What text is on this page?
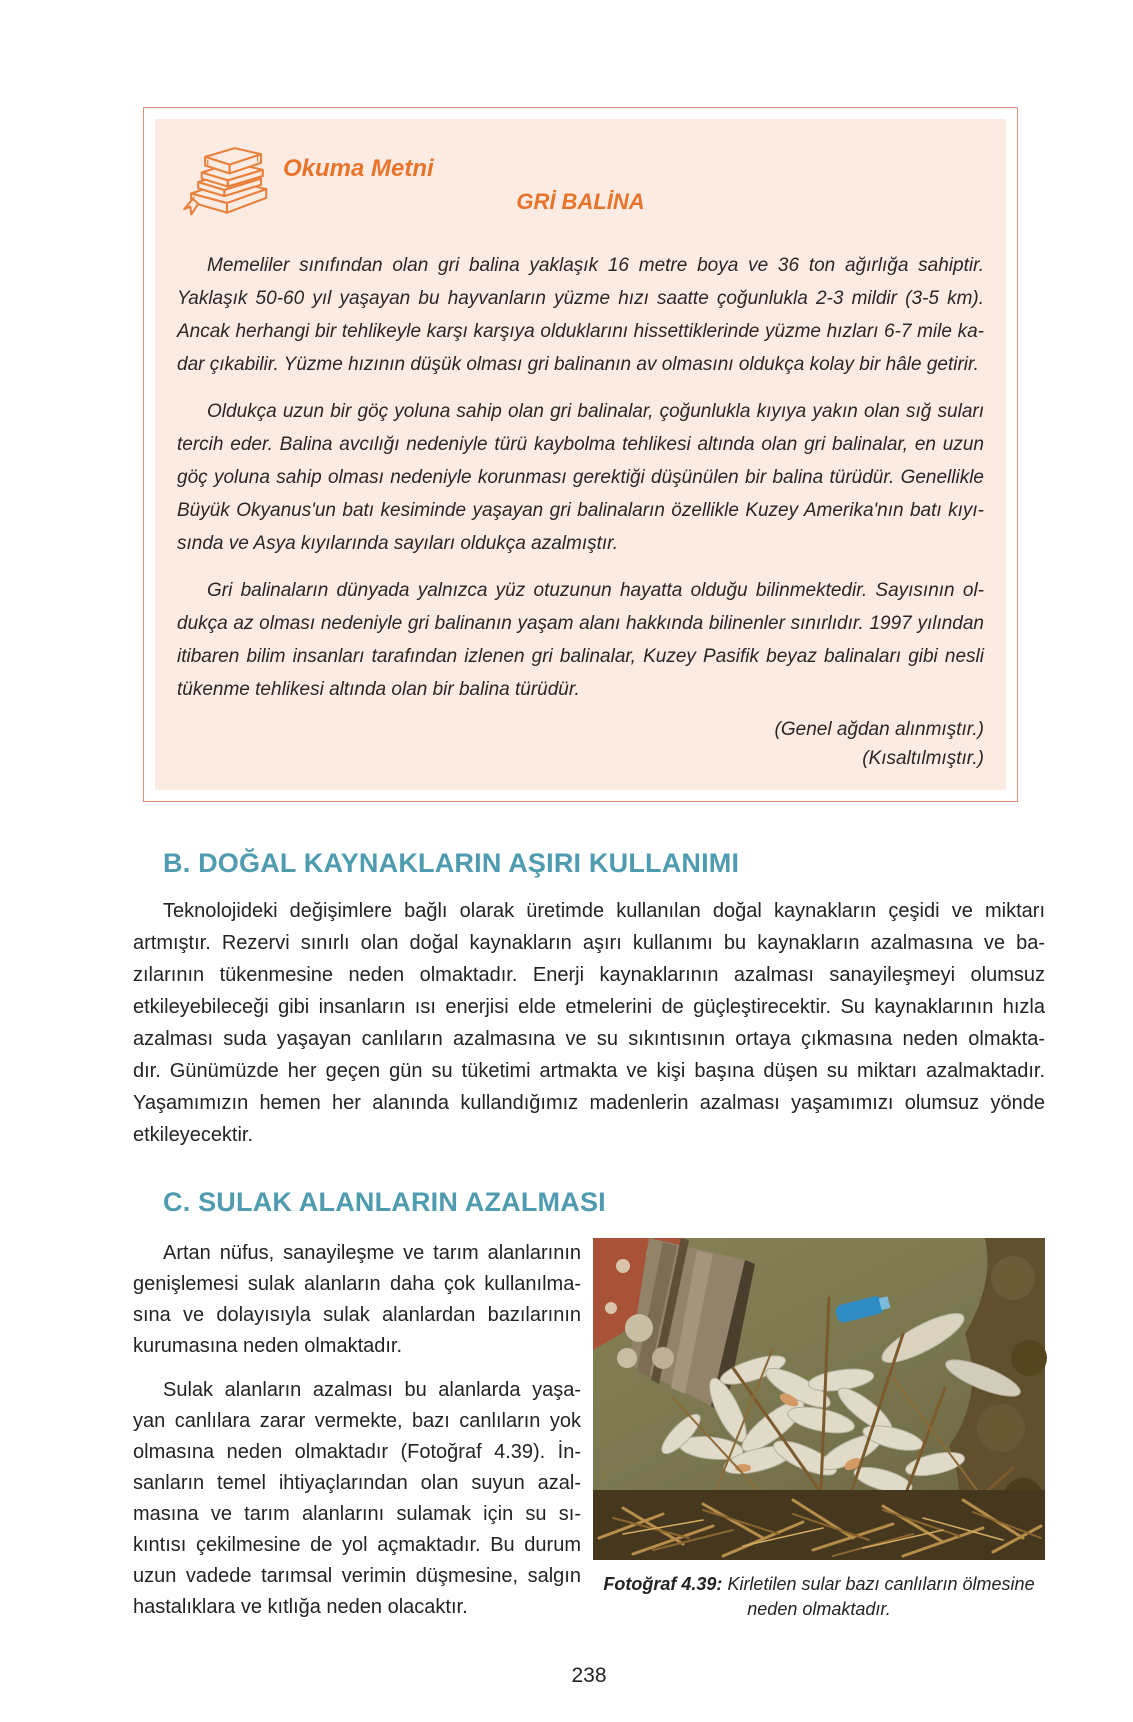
Okuma Metni
GRİ BALİNA

Memeliler sınıfından olan gri balina yaklaşık 16 metre boya ve 36 ton ağırlığa sahiptir.
Yaklaşık 50-60 yıl yaşayan bu hayvanların yüzme hızı saatte çoğunlukla 2-3 mildir (3-5 km).
Ancak herhangi bir tehlikeyle karşı karşıya olduklarını hissettiklerinde yüzme hızları 6-7 mile ka-
dar çıkabilir. Yüzme hızının düşük olması gri balinanın av olmasını oldukça kolay bir hâle getirir.

Oldukça uzun bir göç yoluna sahip olan gri balinalar, çoğunlukla kıyıya yakın olan sığ suları
tercih eder. Balina avcılığı nedeniyle türü kaybolma tehlikesi altında olan gri balinalar, en uzun
göç yoluna sahip olması nedeniyle korunması gerektiği düşünülen bir balina türüdür. Genellikle
Büyük Okyanus'un batı kesiminde yaşayan gri balinaların özellikle Kuzey Amerika'nın batı kıyı-
sında ve Asya kıyılarında sayıları oldukça azalmıştır.

Gri balinaların dünyada yalnızca yüz otuzunun hayatta olduğu bilinmektedir. Sayısının ol-
dukça az olması nedeniyle gri balinanın yaşam alanı hakkında bilinenler sınırlıdır. 1997 yılından
itibaren bilim insanları tarafından izlenen gri balinalar, Kuzey Pasifik beyaz balinaları gibi nesli
tükenme tehlikesi altında olan bir balina türüdür.

(Genel ağdan alınmıştır.)
(Kısaltılmıştır.)
B. DOĞAL KAYNAKLARIN AŞIRI KULLANIMI
Teknolojideki değişimlere bağlı olarak üretimde kullanılan doğal kaynakların çeşidi ve miktarı
artmıştır. Rezervi sınırlı olan doğal kaynakların aşırı kullanımı bu kaynakların azalmasına ve ba-
zılarının tükenmesine neden olmaktadır. Enerji kaynaklarının azalması sanayileşmeyi olumsuz
etkileyebileceği gibi insanların ısı enerjisi elde etmelerini de güçleştirecektir. Su kaynaklarının hızla
azalması suda yaşayan canlıların azalmasına ve su sıkıntısının ortaya çıkmasına neden olmakta-
dır. Günümüzde her geçen gün su tüketimi artmakta ve kişi başına düşen su miktarı azalmaktadır.
Yaşamımızın hemen her alanında kullandığımız madenlerin azalması yaşamımızı olumsuz yönde
etkileyecektir.
C. SULAK ALANLARIN AZALMASI

Artan nüfus, sanayileşme ve tarım alanlarının
genişlemesi sulak alanların daha çok kullanılma-
sına ve dolayısıyla sulak alanlardan bazılarının
kurumasına neden olmaktadır.

Sulak alanların azalması bu alanlarda yaşa-
yan canlılara zarar vermekte, bazı canlıların yok
olmasına neden olmaktadır (Fotoğraf 4.39). İn-
sanların temel ihtiyaçlarından olan suyun azal-
masına ve tarım alanlarını sulamak için su sı-
kıntısı çekilmesine de yol açmaktadır. Bu durum
uzun vadede tarımsal verimin düşmesine, salgın
hastalıklara ve kıtlığa neden olacaktır.

Fotoğraf 4.39: Kirletilen sular bazı canlıların ölmesine neden olmaktadır.
238
